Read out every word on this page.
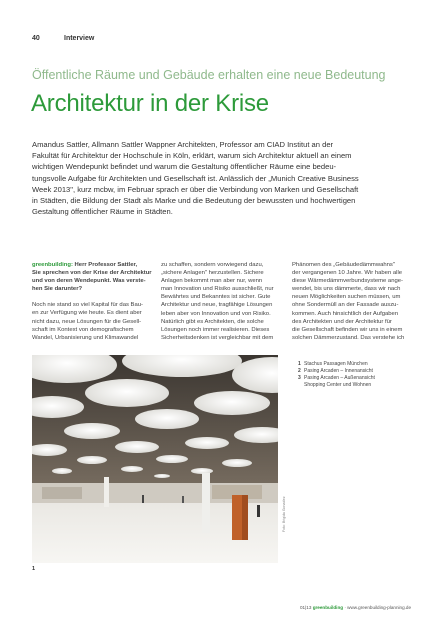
40	Interview
Öffentliche Räume und Gebäude erhalten eine neue Bedeutung
Architektur in der Krise

Amandus Sattler, Allmann Sattler Wappner Architekten, Professor am CIAD Institut an der

Fakultät für Architektur der Hochschule in Köln, erklärt, warum sich Architektur aktuell an einem

wichtigen Wendepunkt befindet und warum die Gestaltung öffentlicher Räume eine bedeu-

tungsvolle Aufgabe für Architekten und Gesellschaft ist. Anlässlich der „Munich Creative Business

Week 2013", kurz mcbw, im Februar sprach er über die Verbindung von Marken und Gesellschaft

in Städten, die Bildung der Stadt als Marke und die Bedeutung der bewussten und hochwertigen

Gestaltung öffentlicher Räume in Städten.

greenbuilding: Herr Professor Sattler,

Sie sprechen von der Krise der Architektur

und von deren Wendepunkt. Was verste-

hen Sie darunter?

Noch nie stand so viel Kapital für das Bau-

en zur Verfügung wie heute. Es dient aber

nicht dazu, neue Lösungen für die Gesell-

schaft im Kontext von demografischem

Wandel, Urbanisierung und Klimawandel

zu schaffen, sondern vorwiegend dazu,

„sichere Anlagen" herzustellen. Sichere

Anlagen bekommt man aber nur, wenn

man Innovation und Risiko ausschließt, nur

Bewährtes und Bekanntes ist sicher. Gute

Architektur und neue, tragfähige Lösungen

leben aber von Innovation und von Risiko.

Natürlich gibt es Architekten, die solche

Lösungen noch immer realisieren. Dieses

Sicherheitsdenken ist vergleichbar mit dem

Phänomen des „Gebäudedämmwahns"

der vergangenen 10 Jahre. Wir haben alle

diese Wärmedämmverbundsysteme ange-

wendet, bis uns dämmerte, dass wir nach

neuen Möglichkeiten suchen müssen, um

ohne Sondermüll an der Fassade auszu-

kommen. Auch hinsichtlich der Aufgaben

des Architekten und der Architektur für

die Gesellschaft befinden wir uns in einem

solchen Dämmerzustand. Das verstehe ich

Foto: Brigida González
1
1 Stachus Passagen München
2 Pasing Arcaden – Innenansicht
3 Pasing Arcaden – Außenansicht
Shopping Center und Wohnen
01|13 greenbuilding · www.greenbuilding-planning.de
